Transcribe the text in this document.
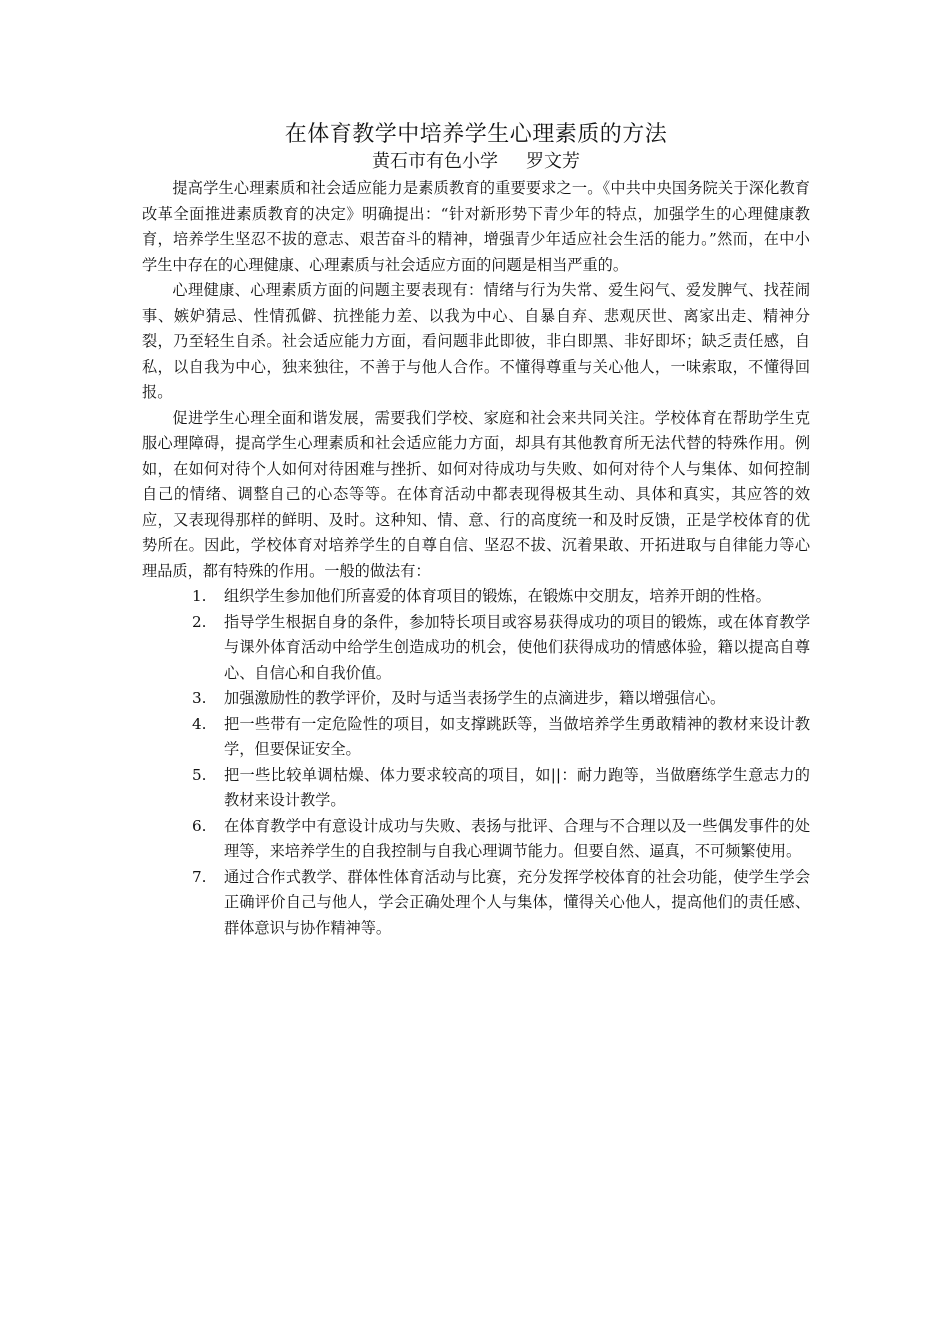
在体育教学中培养学生心理素质的方法
黄石市有色小学 罗文芳

提高学生心理素质和社会适应能力是素质教育的重要要求之一。《中共中央国务院关于深化教育改革全面推进素质教育的决定》明确提出：“针对新形势下青少年的特点，加强学生的心理健康教育，培养学生坚忍不拔的意志、艰苦奋斗的精神，增强青少年适应社会生活的能力。”然而，在中小学生中存在的心理健康、心理素质与社会适应方面的问题是相当严重的。

心理健康、心理素质方面的问题主要表现有：情绪与行为失常、爱生闷气、爱发脾气、找茬闹事、嫉妒猜忌、性情孤僻、抗挫能力差、以我为中心、自暴自弃、悲观厌世、离家出走、精神分裂，乃至轻生自杀。社会适应能力方面，看问题非此即彼，非白即黑、非好即坏；缺乏责任感，自私，以自我为中心，独来独往，不善于与他人合作。不懂得尊重与关心他人，一味索取，不懂得回报。

促进学生心理全面和谐发展，需要我们学校、家庭和社会来共同关注。学校体育在帮助学生克服心理障碍，提高学生心理素质和社会适应能力方面，却具有其他教育所无法代替的特殊作用。例如，在如何对待个人如何对待困难与挫折、如何对待成功与失败、如何对待个人与集体、如何控制自己的情绪、调整自己的心态等等。在体育活动中都表现得极其生动、具体和真实，其应答的效应，又表现得那样的鲜明、及时。这种知、情、意、行的高度统一和及时反馈，正是学校体育的优势所在。因此，学校体育对培养学生的自尊自信、坚忍不拔、沉着果敢、开拓进取与自律能力等心理品质，都有特殊的作用。一般的做法有：

1. 组织学生参加他们所喜爱的体育项目的锻炼，在锻炼中交朋友，培养开朗的性格。
2. 指导学生根据自身的条件，参加特长项目或容易获得成功的项目的锻炼，或在体育教学与课外体育活动中给学生创造成功的机会，使他们获得成功的情感体验，籍以提高自尊心、自信心和自我价值。
3. 加强激励性的教学评价，及时与适当表扬学生的点滴进步，籍以增强信心。
4. 把一些带有一定危险性的项目，如支撑跳跃等，当做培养学生勇敢精神的教材来设计教学，但要保证安全。
5. 把一些比较单调枯燥、体力要求较高的项目，如||：耐力跑等，当做磨练学生意志力的教材来设计教学。
6. 在体育教学中有意设计成功与失败、表扬与批评、合理与不合理以及一些偶发事件的处理等，来培养学生的自我控制与自我心理调节能力。但要自然、逼真，不可频繁使用。
7. 通过合作式教学、群体性体育活动与比赛，充分发挥学校体育的社会功能，使学生学会正确评价自己与他人，学会正确处理个人与集体，懂得关心他人，提高他们的责任感、群体意识与协作精神等。
